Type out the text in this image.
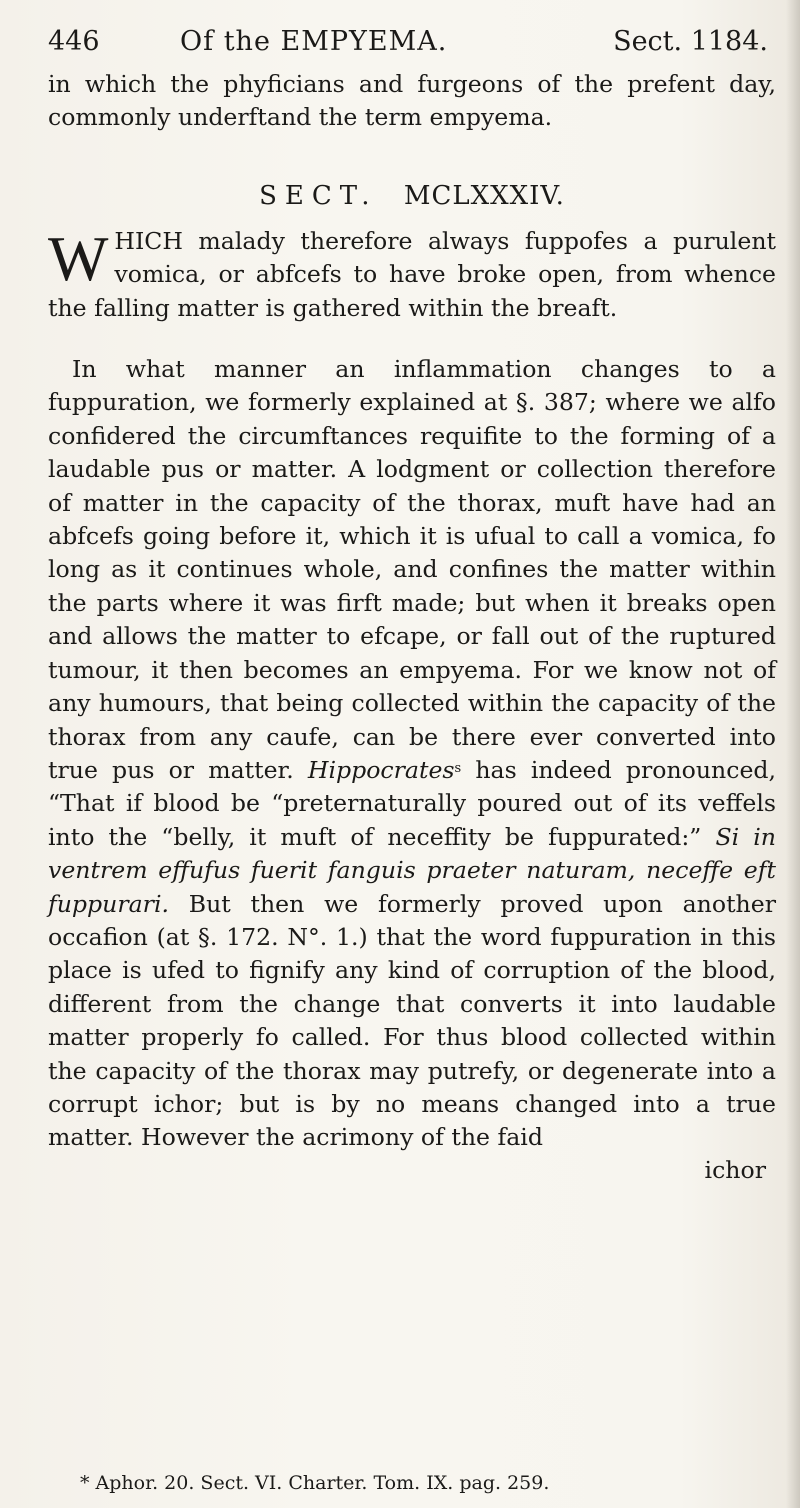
446	Of the EMPYEMA.	Sect. 1184.

in which the phyficians and furgeons of the prefent day, commonly underftand the term empyema.

SECT. MCLXXXIV.

WHICH malady therefore always fuppofes a purulent vomica, or abfcefs to have broke open, from whence the falling matter is gathered within the breaft.

In what manner an inflammation changes to a fuppuration, we formerly explained at §. 387; where we alfo confidered the circumftances requifite to the forming of a laudable pus or matter. A lodgment or collection therefore of matter in the capacity of the thorax, muft have had an abfcefs going before it, which it is ufual to call a vomica, fo long as it continues whole, and confines the matter within the parts where it was firft made; but when it breaks open and allows the matter to efcape, or fall out of the ruptured tumour, it then becomes an empyema. For we know not of any humours, that being collected within the capacity of the thorax from any caufe, can be there ever converted into true pus or matter. Hippocrates$^s$ has indeed pronounced, “That if blood be “preternaturally poured out of its veffels into the “belly, it muft of neceffity be fuppurated:” Si in ventrem effufus fuerit fanguis praeter naturam, neceffe eft fuppurari. But then we formerly proved upon another occafion (at §. 172. N°. 1.) that the word fuppuration in this place is ufed to fignify any kind of corruption of the blood, different from the change that converts it into laudable matter properly fo called. For thus blood collected within the capacity of the thorax may putrefy, or degenerate into a corrupt ichor; but is by no means changed into a true matter. However the acrimony of the faid

ichor
* Aphor. 20. Sect. VI. Charter. Tom. IX. pag. 259.
